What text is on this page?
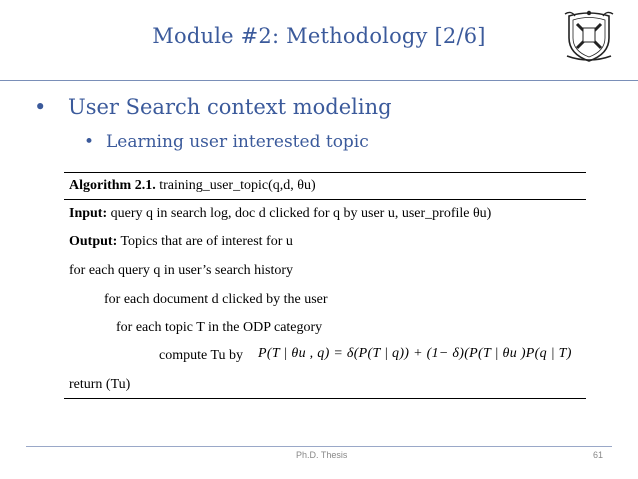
Module #2: Methodology [2/6]
• User Search context modeling
• Learning user interested topic
Algorithm 2.1. training_user_topic(q,d, θu)
Input: query q in search log, doc d clicked for q by user u, user_profile θu)
Output: Topics that are of interest for u
for each query q in user’s search history
for each document d clicked by the user
for each topic T in the ODP category
compute Tu by P(T | θu , q) = δ(P(T | q)) + (1− δ)(P(T | θu )P(q | T)
return (Tu)
Ph.D. Thesis	61
